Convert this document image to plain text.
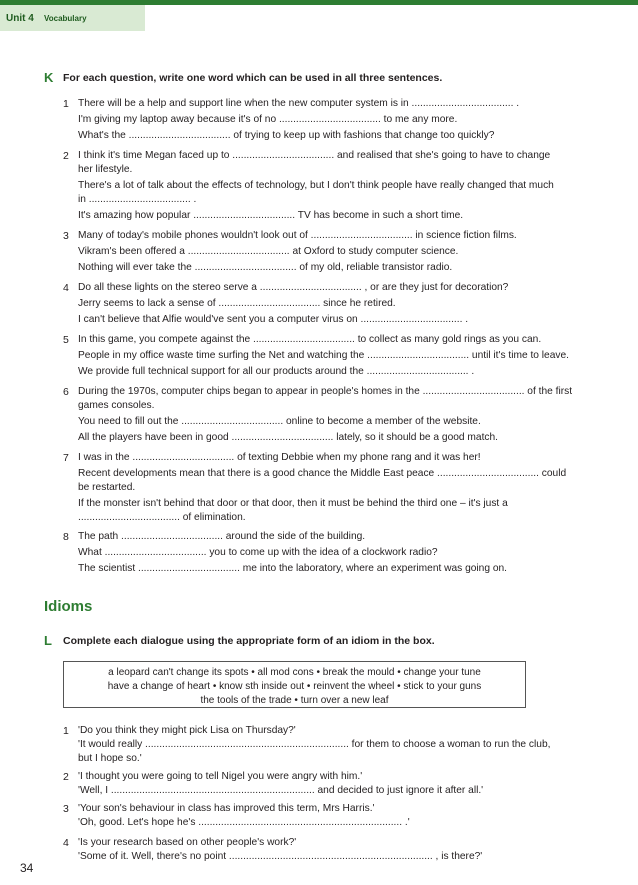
Unit 4 Vocabulary
K For each question, write one word which can be used in all three sentences.
1 There will be a help and support line when the new computer system is in .................................... .
I'm giving my laptop away because it's of no .................................... to me any more.
What's the .................................... of trying to keep up with fashions that change too quickly?
2 I think it's time Megan faced up to .................................... and realised that she's going to have to change
her lifestyle.
There's a lot of talk about the effects of technology, but I don't think people have really changed that much
in .................................... .
It's amazing how popular .................................... TV has become in such a short time.
3 Many of today's mobile phones wouldn't look out of .................................... in science fiction films.
Vikram's been offered a .................................... at Oxford to study computer science.
Nothing will ever take the .................................... of my old, reliable transistor radio.
4 Do all these lights on the stereo serve a .................................... , or are they just for decoration?
Jerry seems to lack a sense of .................................... since he retired.
I can't believe that Alfie would've sent you a computer virus on .................................... .
5 In this game, you compete against the .................................... to collect as many gold rings as you can.
People in my office waste time surfing the Net and watching the .................................... until it's time to leave.
We provide full technical support for all our products around the .................................... .
6 During the 1970s, computer chips began to appear in people's homes in the .................................... of the first
games consoles.
You need to fill out the .................................... online to become a member of the website.
All the players have been in good .................................... lately, so it should be a good match.
7 I was in the .................................... of texting Debbie when my phone rang and it was her!
Recent developments mean that there is a good chance the Middle East peace .................................... could
be restarted.
If the monster isn't behind that door or that door, then it must be behind the third one – it's just a
.................................... of elimination.
8 The path .................................... around the side of the building.
What .................................... you to come up with the idea of a clockwork radio?
The scientist .................................... me into the laboratory, where an experiment was going on.
Idioms
L Complete each dialogue using the appropriate form of an idiom in the box.
a leopard can't change its spots • all mod cons • break the mould • change your tune
have a change of heart • know sth inside out • reinvent the wheel • stick to your guns
the tools of the trade • turn over a new leaf
1 'Do you think they might pick Lisa on Thursday?'
'It would really ........................................................................ for them to choose a woman to run the club,
but I hope so.'
2 'I thought you were going to tell Nigel you were angry with him.'
'Well, I ........................................................................ and decided to just ignore it after all.'
3 'Your son's behaviour in class has improved this term, Mrs Harris.'
'Oh, good. Let's hope he's ........................................................................ .'
4 'Is your research based on other people's work?'
'Some of it. Well, there's no point ........................................................................ , is there?'
34
